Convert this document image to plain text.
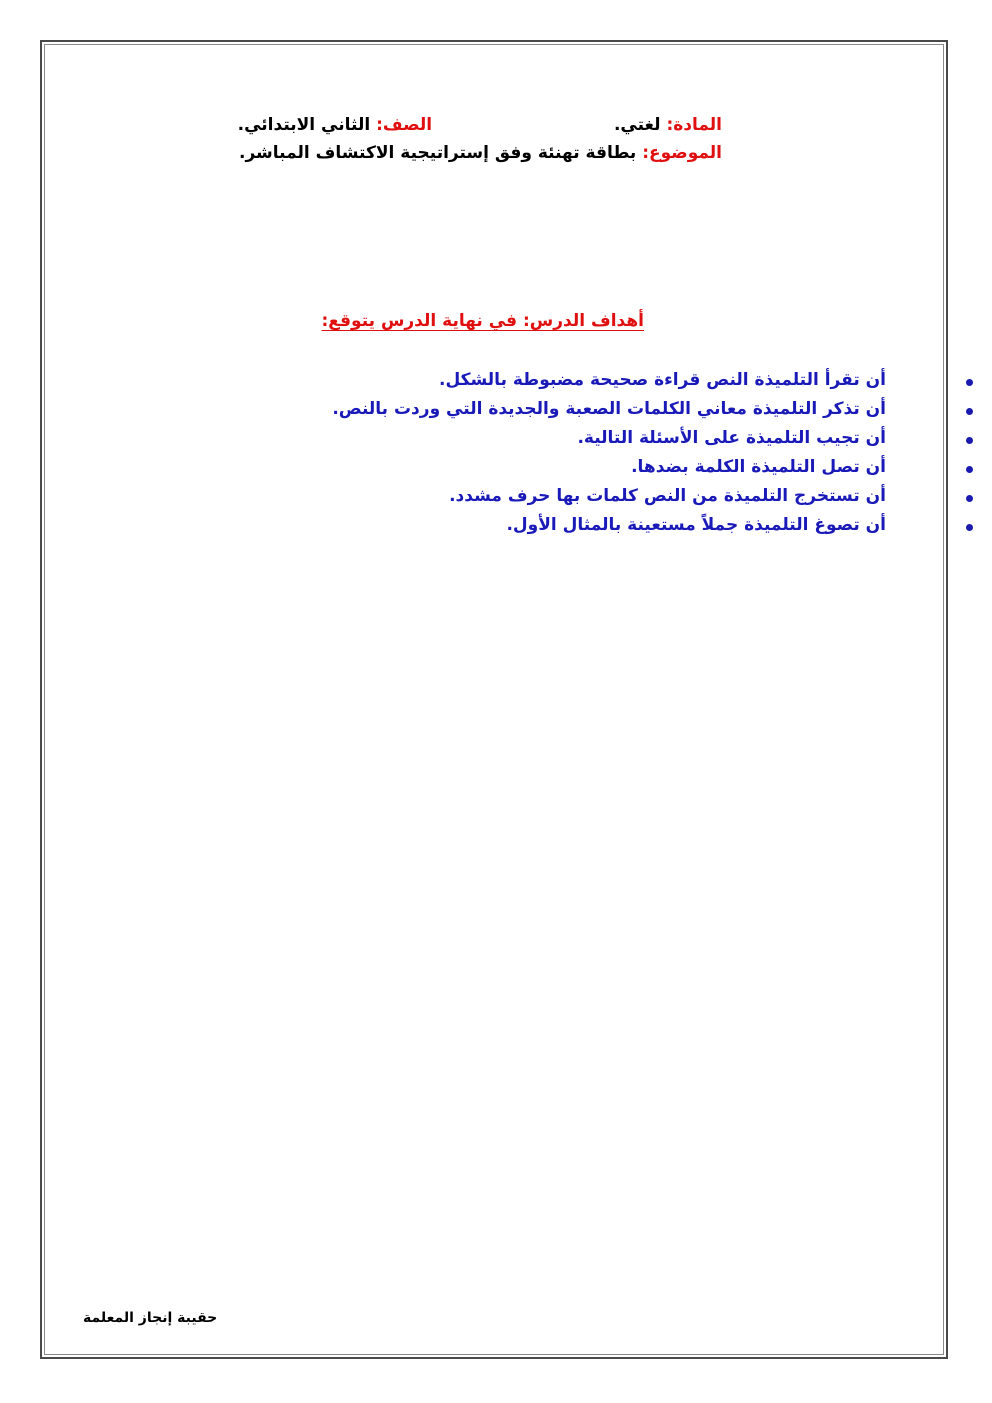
المادة: لغتي.  الصف: الثاني الابتدائي.
الموضوع: بطاقة تهنئة وفق إستراتيجية الاكتشاف المباشر.
أهداف الدرس: في نهاية الدرس يتوقع:
أن تقرأ التلميذة النص قراءة صحيحة مضبوطة بالشكل.
أن تذكر التلميذة معاني الكلمات الصعبة والجديدة التي وردت بالنص.
أن تجيب التلميذة على الأسئلة التالية.
أن تصل التلميذة الكلمة بضدها.
أن تستخرج التلميذة من النص كلمات بها حرف مشدد.
أن تصوغ التلميذة جملاً مستعينة بالمثال الأول.
حقيبة إنجاز المعلمة
